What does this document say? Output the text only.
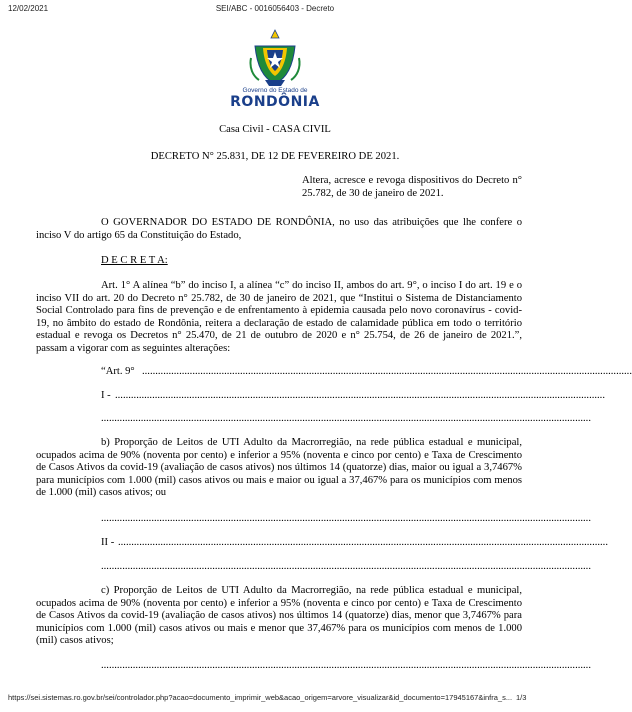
12/02/2021	SEI/ABC - 0016056403 - Decreto
Governo do Estado de
RONDÔNIA
Casa Civil - CASA CIVIL
DECRETO N° 25.831, DE 12 DE FEVEREIRO DE 2021.
Altera, acresce e revoga dispositivos do Decreto n° 25.782, de 30 de janeiro de 2021.
O GOVERNADOR DO ESTADO DE RONDÔNIA, no uso das atribuições que lhe confere o inciso V do artigo 65 da Constituição do Estado,
D E C R E T A:
Art. 1° A alínea “b” do inciso I, a alínea “c” do inciso II, ambos do art. 9°, o inciso I do art. 19 e o inciso VII do art. 20 do Decreto n° 25.782, de 30 de janeiro de 2021, que “Institui o Sistema de Distanciamento Social Controlado para fins de prevenção e de enfrentamento à epidemia causada pelo novo coronavírus - covid-19, no âmbito do estado de Rondônia, reitera a declaração de estado de calamidade pública em todo o território estadual e revoga os Decretos n° 25.470, de 21 de outubro de 2020 e n° 25.754, de 26 de janeiro de 2021.”, passam a vigorar com as seguintes alterações:
“Art. 9° .........................................................................................................................................................................................
I - .........................................................................................................................................................................................
.........................................................................................................................................................................................
b) Proporção de Leitos de UTI Adulto da Macrorregião, na rede pública estadual e municipal, ocupados acima de 90% (noventa por cento) e inferior a 95% (noventa e cinco por cento) e Taxa de Crescimento de Casos Ativos da covid-19 (avaliação de casos ativos) nos últimos 14 (quatorze) dias, maior ou igual a 3,7467% para municípios com 1.000 (mil) casos ativos ou mais e maior ou igual a 37,467% para os municípios com menos de 1.000 (mil) casos ativos; ou
.........................................................................................................................................................................................
II - .........................................................................................................................................................................................
.........................................................................................................................................................................................
c) Proporção de Leitos de UTI Adulto da Macrorregião, na rede pública estadual e municipal, ocupados acima de 90% (noventa por cento) e inferior a 95% (noventa e cinco por cento) e Taxa de Crescimento de Casos Ativos da covid-19 (avaliação de casos ativos) nos últimos 14 (quatorze) dias, menor que 3,7467% para municípios com 1.000 (mil) casos ativos ou mais e menor que 37,467% para os municípios com menos de 1.000 (mil) casos ativos;
.........................................................................................................................................................................................
https://sei.sistemas.ro.gov.br/sei/controlador.php?acao=documento_imprimir_web&acao_origem=arvore_visualizar&id_documento=17945167&infra_s... 1/3
